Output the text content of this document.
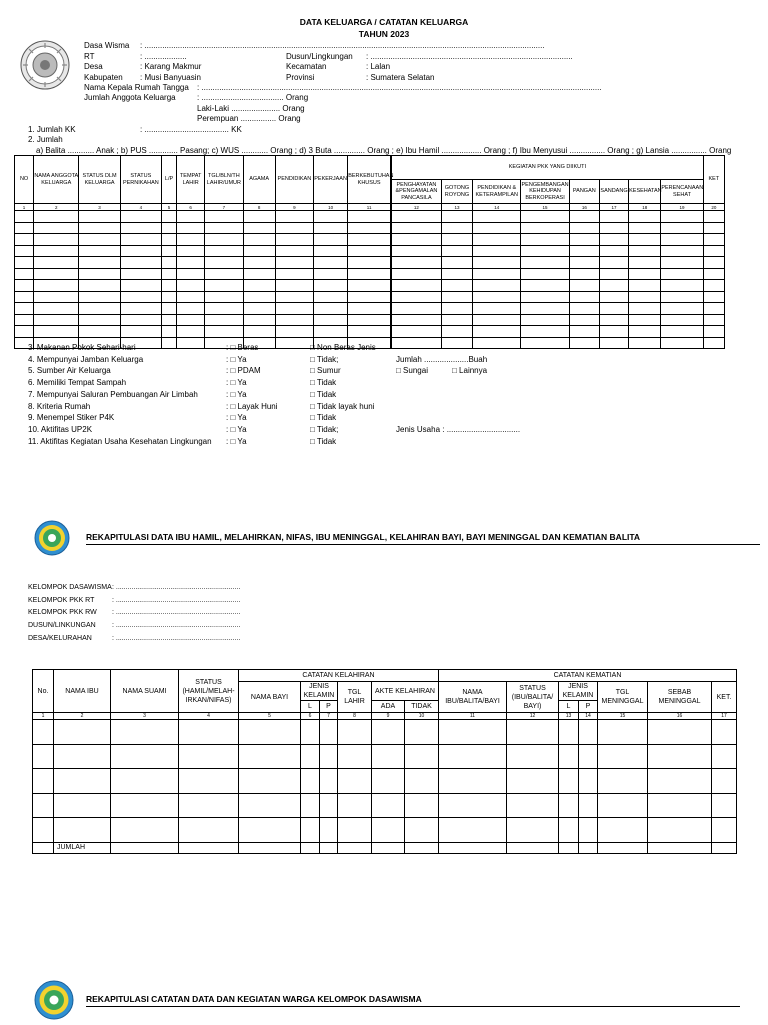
DATA KELUARGA / CATATAN KELUARGA
TAHUN 2023
Dasa Wisma : ....................................................................................................................................................................................
RT	: ...................
Desa	: Karang Makmur
Kabupaten : Musi Banyuasin
Nama Kepala Rumah Tangga : ....................................................................................................................................................................................
Jumlah Anggota Keluarga	: ..................................... Orang
Dusun/Lingkungan : ...........................................................................................
Kecamatan	: Lalan
Provinsi	: Sumatera Selatan
Laki-Laki ...................... Orang
Perempuan ................ Orang
1. Jumlah KK	: ...................................... KK
2. Jumlah
a) Balita ............ Anak ; b) PUS ............. Pasang; c) WUS ............ Orang ; d) 3 Buta .............. Orang ; e) Ibu Hamil .................. Orang ; f) Ibu Menyusui ................ Orang ; g) Lansia ................ Orang
NO	NAMA ANGGOTA KELUARGA	STATUS DLM KELUARGA	STATUS PERNIKAHAN	L/P	TEMPAT LAHIR	TGL/BLN/TH LAHIR/UMUR	AGAMA	PENDIDIKAN	PEKERJAAN	BERKEBUTUHAN KHUSUS	KEGIATAN PKK YANG DIIKUTI								KET
											PENGHAYATAN &PENGAMALAN PANCASILA	GOTONG ROYONG	PENDIDIKAN & KETERAMPILAN	PENGEMBANGAN KEHIDUPAN BERKOPERASI	PANGAN	SANDANG	KESEHATAN	PERENCANAAN SEHAT	
1	2	3	4	5	6	7	8	9	10	11	12	13	14	15	16	17	18	19	20

3. Makanan Pokok Sehari-hari	: □ Beras	□ Non Beras Jenis
4. Mempunyai Jamban Keluarga	: □ Ya	□ Tidak;	Jumlah ....................Buah
5. Sumber Air Keluarga	: □ PDAM	□ Sumur	□ Sungai	□ Lainnya
6. Memiliki Tempat Sampah	: □ Ya	□ Tidak
7. Mempunyai Saluran Pembuangan Air Limbah	: □ Ya	□ Tidak
8. Kriteria Rumah	: □ Layak Huni	□ Tidak layak huni
9. Menempel Stiker P4K	: □ Ya	□ Tidak
10. Aktifitas UP2K	: □ Ya	□ Tidak;	Jenis Usaha : .................................
11. Aktifitas Kegiatan Usaha Kesehatan Lingkungan : □ Ya	□ Tidak
REKAPITULASI DATA IBU HAMIL, MELAHIRKAN, NIFAS, IBU MENINGGAL, KELAHIRAN BAYI, BAYI MENINGGAL DAN KEMATIAN BALITA
KELOMPOK DASAWISMA : ................................................................
KELOMPOK PKK RT	: ................................................................
KELOMPOK PKK RW : ................................................................
DUSUN/LINKUNGAN : ................................................................
DESA/KELURAHAN	: ................................................................
No.	NAMA IBU	NAMA SUAMI	STATUS (HAMIL/MELAH-IRKAN/NIFAS)	CATATAN KELAHIRAN						CATATAN KEMATIAN						
				NAMA BAYI	JENIS KELAMIN		TGL LAHIR	AKTE KELAHIRAN		NAMA IBU/BALITA/BAYI	STATUS (IBU/BALITA/ BAYI)	JENIS KELAMIN		TGL MENINGGAL	SEBAB MENINGGAL	KET.
					L	P		ADA	TIDAK			L	P			
1	2	3	4	5	6	7	8	9	10	11	12	13	14	15	16	17

	JUMLAH															
REKAPITULASI CATATAN DATA DAN KEGIATAN WARGA KELOMPOK DASAWISMA
